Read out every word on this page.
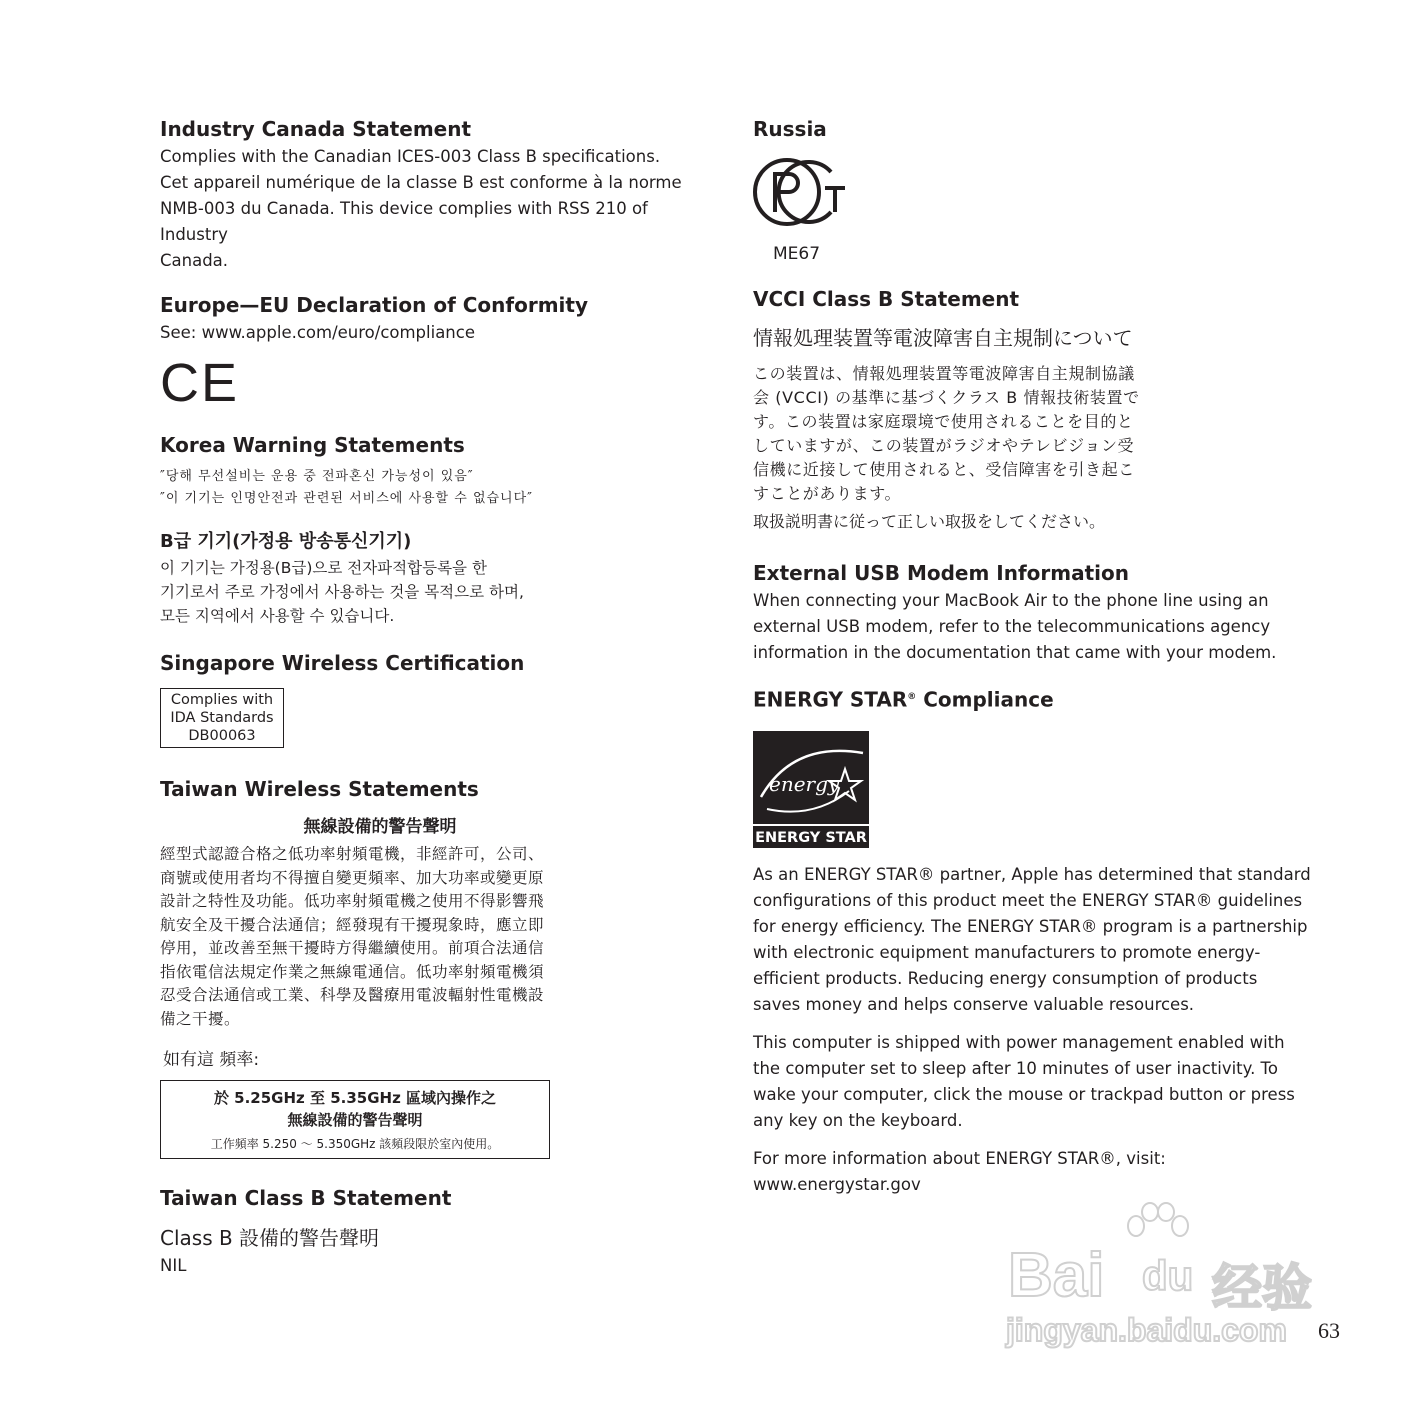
Industry Canada Statement

Complies with the Canadian ICES-003 Class B specifications.

Cet appareil numérique de la classe B est conforme à la norme

NMB-003 du Canada. This device complies with RSS 210 of Industry

Canada.

Europe—EU Declaration of Conformity

See: www.apple.com/euro/compliance

CE
Korea Warning Statements
″당해 무선설비는 운용 중 전파혼신 가능성이 있음″
″이 기기는 인명안전과 관련된 서비스에 사용할 수 없습니다″
B급 기기(가정용 방송통신기기)
이 기기는 가정용(B급)으로 전자파적합등록을 한
기기로서 주로 가정에서 사용하는 것을 목적으로 하며,
모든 지역에서 사용할 수 있습니다.
Singapore Wireless Certification
Complies with
IDA Standards
DB00063
Taiwan Wireless Statements
無線設備的警告聲明
經型式認證合格之低功率射頻電機，非經許可，公司、
商號或使用者均不得擅自變更頻率、加大功率或變更原
設計之特性及功能。低功率射頻電機之使用不得影響飛
航安全及干擾合法通信；經發現有干擾現象時，應立即
停用，並改善至無干擾時方得繼續使用。前項合法通信
指依電信法規定作業之無線電通信。低功率射頻電機須
忍受合法通信或工業、科學及醫療用電波輻射性電機設
備之干擾。
如有這 頻率:
於 5.25GHz 至 5.35GHz 區域內操作之
無線設備的警告聲明
工作頻率 5.250 ～ 5.350GHz 該頻段限於室內使用。
Taiwan Class B Statement
Class B 設備的警告聲明

NIL

Russia
ME67
VCCI Class B Statement
情報処理装置等電波障害自主規制について
この装置は、情報処理装置等電波障害自主規制協議
会 (VCCI) の基準に基づくクラス B 情報技術装置で
す。この装置は家庭環境で使用されることを目的と
していますが、この装置がラジオやテレビジョン受
信機に近接して使用されると、受信障害を引き起こ
すことがあります。
取扱説明書に従って正しい取扱をしてください。
External USB Modem Information

When connecting your MacBook Air to the phone line using an

external USB modem, refer to the telecommunications agency

information in the documentation that came with your modem.

ENERGY STAR® Compliance
energy
ENERGY STAR

As an ENERGY STAR® partner, Apple has determined that standard

configurations of this product meet the ENERGY STAR® guidelines

for energy efficiency. The ENERGY STAR® program is a partnership

with electronic equipment manufacturers to promote energy-

efficient products. Reducing energy consumption of products

saves money and helps conserve valuable resources.

This computer is shipped with power management enabled with

the computer set to sleep after 10 minutes of user inactivity. To

wake your computer, click the mouse or trackpad button or press

any key on the keyboard.

For more information about ENERGY STAR®, visit:

www.energystar.gov

Bai du 经验
jingyan.baidu.com 63
